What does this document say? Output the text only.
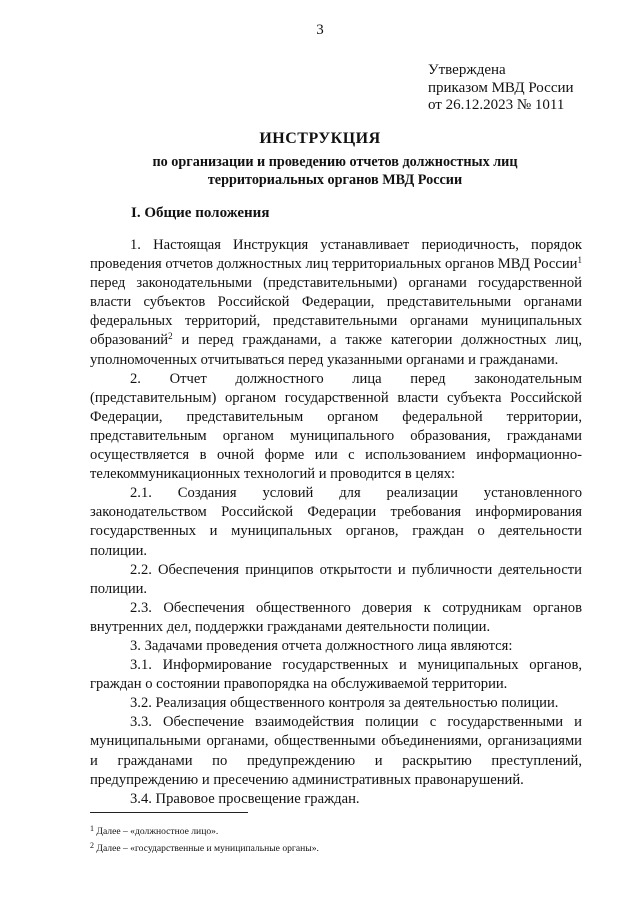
3
Утверждена
приказом МВД России
от 26.12.2023 № 1011
ИНСТРУКЦИЯ
по организации и проведению отчетов должностных лиц
территориальных органов МВД России
I. Общие положения

1. Настоящая Инструкция устанавливает периодичность, порядок проведения отчетов должностных лиц территориальных органов МВД России$^1$ перед законодательными (представительными) органами государственной власти субъектов Российской Федерации, представительными органами федеральных территорий, представительными органами муниципальных образований$^2$ и перед гражданами, а также категории должностных лиц, уполномоченных отчитываться перед указанными органами и гражданами.

2. Отчет должностного лица перед законодательным (представительным) органом государственной власти субъекта Российской Федерации, представительным органом федеральной территории, представительным органом муниципального образования, гражданами осуществляется в очной форме или с использованием информационно-телекоммуникационных технологий и проводится в целях:

2.1. Создания условий для реализации установленного законодательством Российской Федерации требования информирования государственных и муниципальных органов, граждан о деятельности полиции.

2.2. Обеспечения принципов открытости и публичности деятельности полиции.

2.3. Обеспечения общественного доверия к сотрудникам органов внутренних дел, поддержки гражданами деятельности полиции.

3. Задачами проведения отчета должностного лица являются:

3.1. Информирование государственных и муниципальных органов, граждан о состоянии правопорядка на обслуживаемой территории.

3.2. Реализация общественного контроля за деятельностью полиции.

3.3. Обеспечение взаимодействия полиции с государственными и муниципальными органами, общественными объединениями, организациями и гражданами по предупреждению и раскрытию преступлений, предупреждению и пресечению административных правонарушений.

3.4. Правовое просвещение граждан.

$^1$ Далее – «должностное лицо».
$^2$ Далее – «государственные и муниципальные органы».
